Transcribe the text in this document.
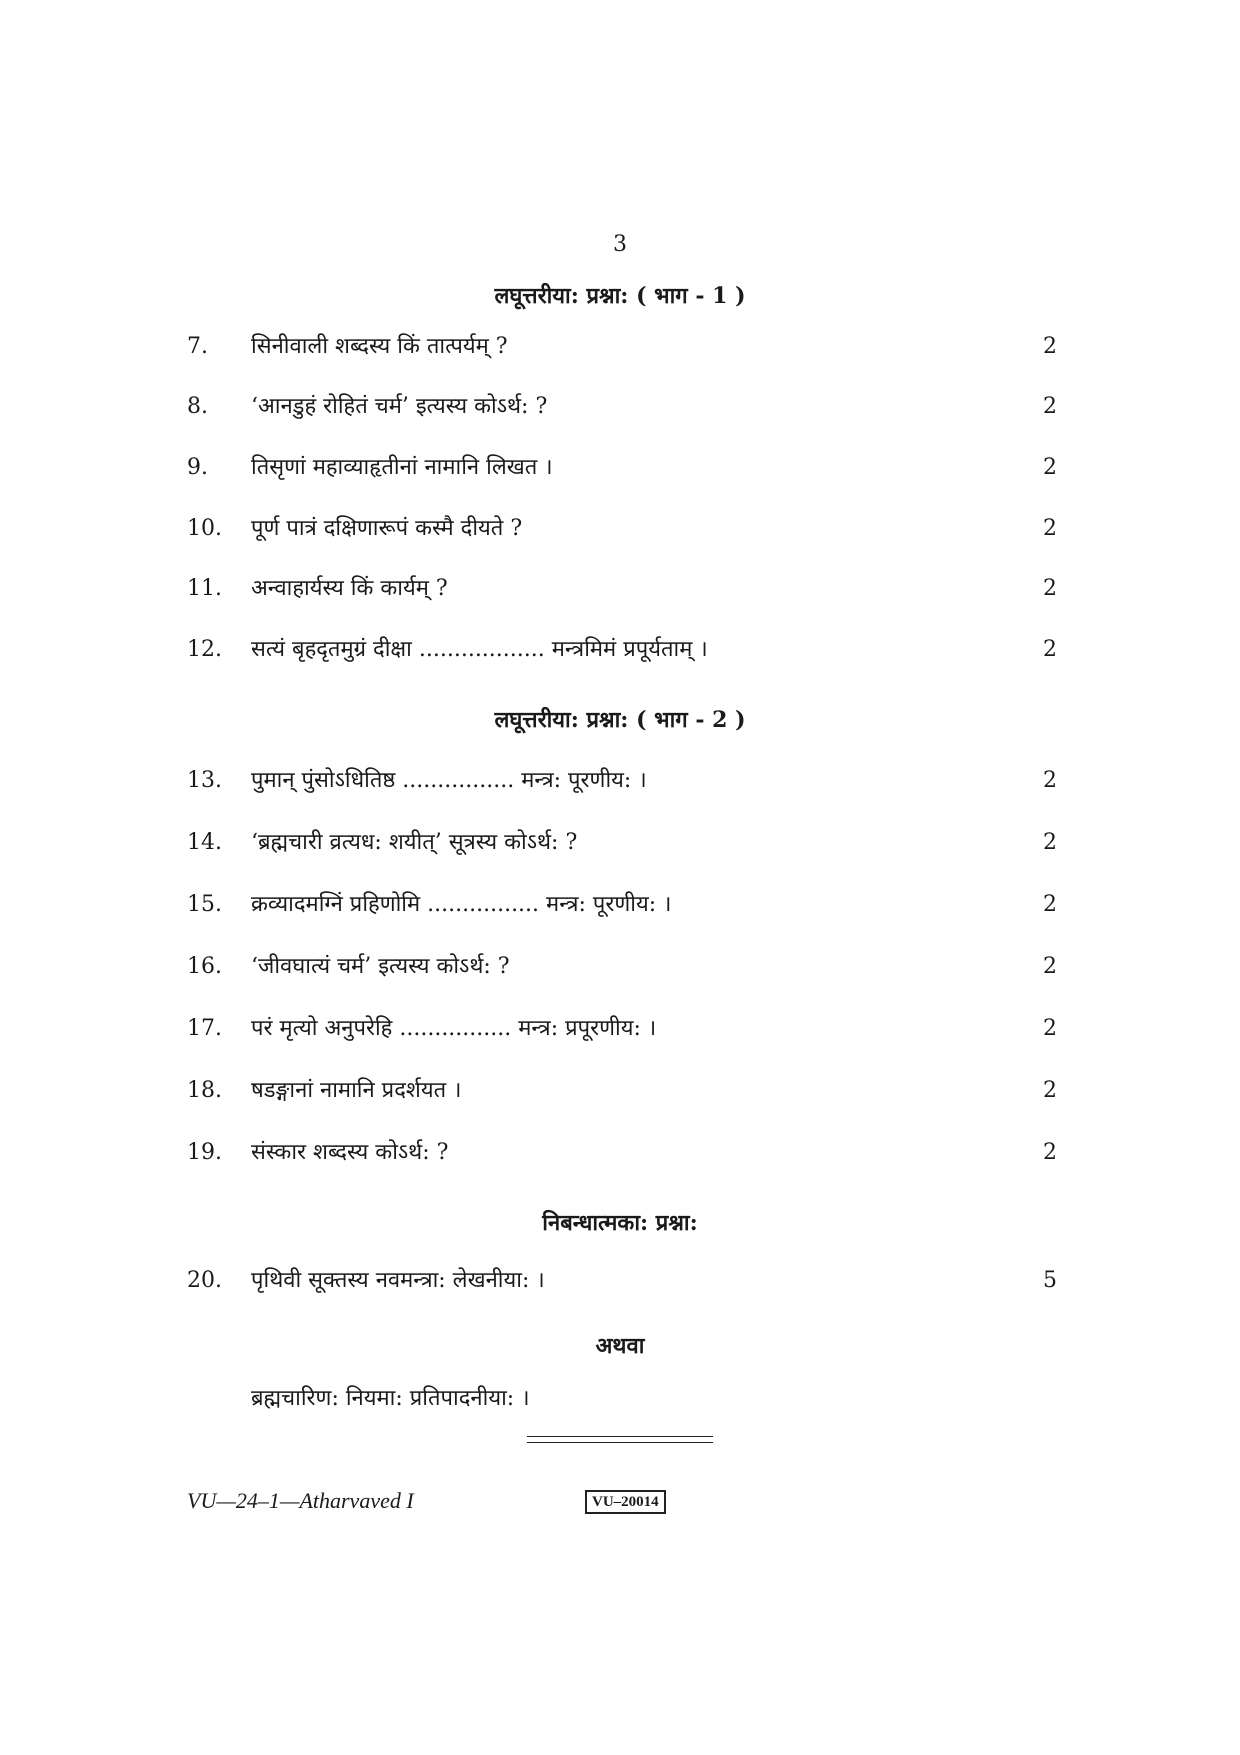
3
लघूत्तरीया: प्रश्ना: ( भाग - 1 )
7. सिनीवाली शब्दस्य किं तात्पर्यम् ?	2
8. ‘आनडुहं रोहितं चर्म’ इत्यस्य कोऽर्थ: ?	2
9. तिसृणां महाव्याहृतीनां नामानि लिखत ।	2
10. पूर्ण पात्रं दक्षिणारूपं कस्मै दीयते ?	2
11. अन्वाहार्यस्य किं कार्यम् ?	2
12. सत्यं बृहदृतमुग्रं दीक्षा .................. मन्त्रमिमं प्रपूर्यताम् ।	2
लघूत्तरीया: प्रश्ना: ( भाग - 2 )
13. पुमान् पुंसोऽधितिष्ठ ................ मन्त्र: पूरणीय: ।	2
14. ‘ब्रह्मचारी व्रत्यध: शयीत्’ सूत्रस्य कोऽर्थ: ?	2
15. क्रव्यादमग्निं प्रहिणोमि ................ मन्त्र: पूरणीय: ।	2
16. ‘जीवघात्यं चर्म’ इत्यस्य कोऽर्थ: ?	2
17. परं मृत्यो अनुपरेहि ................ मन्त्र: प्रपूरणीय: ।	2
18. षडङ्गानां नामानि प्रदर्शयत ।	2
19. संस्कार शब्दस्य कोऽर्थ: ?	2
निबन्धात्मका: प्रश्ना:
20. पृथिवी सूक्तस्य नवमन्त्रा: लेखनीया: ।	5
अथवा
ब्रह्मचारिण: नियमा: प्रतिपादनीया: ।
VU—24–1—Atharvaved I	VU–20014
